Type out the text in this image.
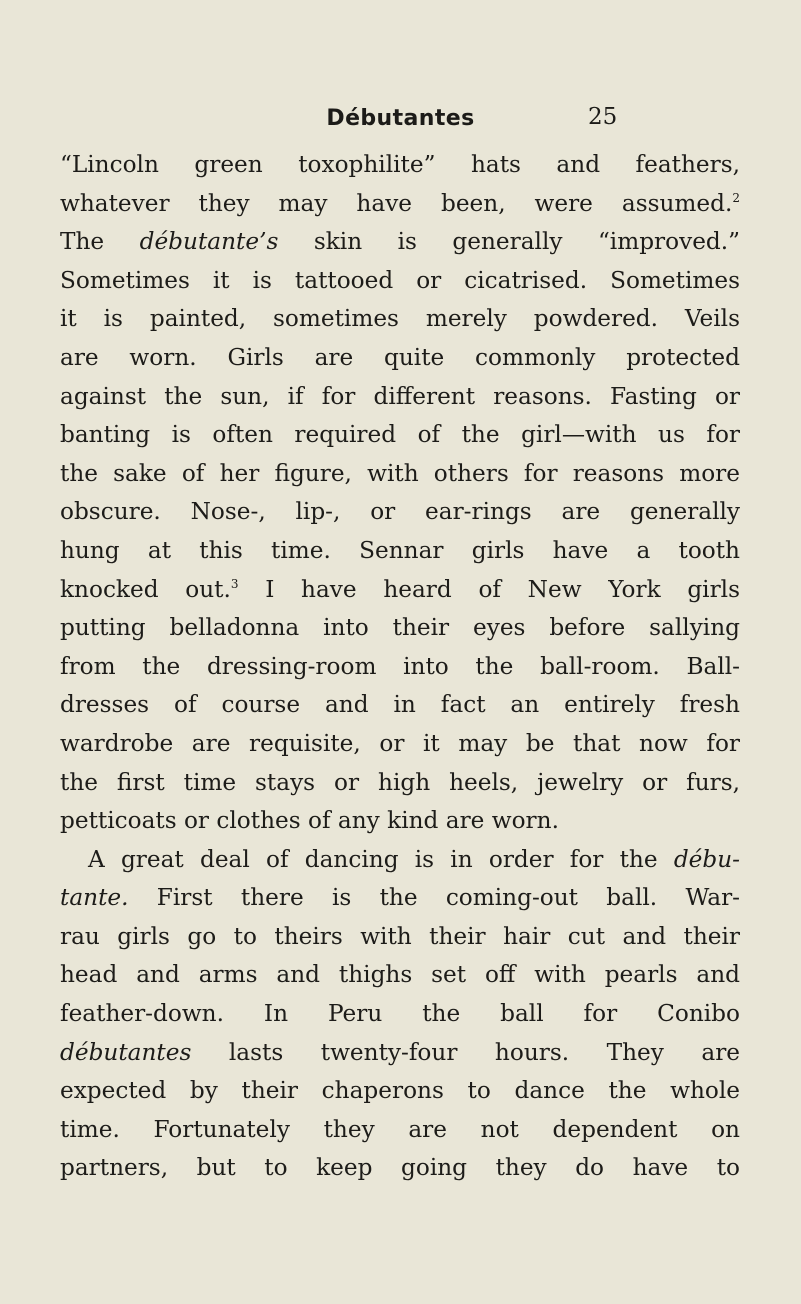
Débutantes	25
“Lincoln green toxophilite” hats and feathers,
whatever they may have been, were assumed.$^2$
The débutante’s skin is generally “improved.”
Sometimes it is tattooed or cicatrised. Sometimes
it is painted, sometimes merely powdered. Veils
are worn. Girls are quite commonly protected
against the sun, if for different reasons. Fasting or
banting is often required of the girl—with us for
the sake of her figure, with others for reasons more
obscure. Nose-, lip-, or ear-rings are generally
hung at this time. Sennar girls have a tooth
knocked out.$^3$ I have heard of New York girls
putting belladonna into their eyes before sallying
from the dressing-room into the ball-room. Ball-
dresses of course and in fact an entirely fresh
wardrobe are requisite, or it may be that now for
the first time stays or high heels, jewelry or furs,
petticoats or clothes of any kind are worn.
A great deal of dancing is in order for the débu-
tante. First there is the coming-out ball. War-
rau girls go to theirs with their hair cut and their
head and arms and thighs set off with pearls and
feather-down. In Peru the ball for Conibo
débutantes lasts twenty-four hours. They are
expected by their chaperons to dance the whole
time. Fortunately they are not dependent on
partners, but to keep going they do have to
